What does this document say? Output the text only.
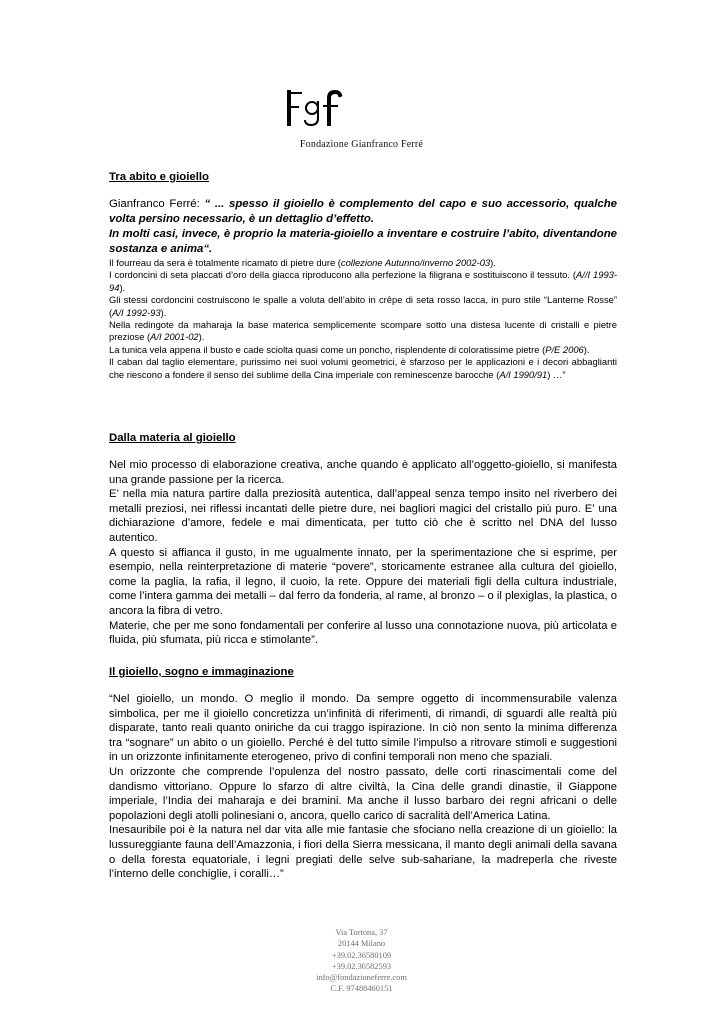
Fondazione Gianfranco Ferré

Tra abito e gioiello

Gianfranco Ferré: “ ... spesso il gioiello è complemento del capo e suo accessorio, qualche volta persino necessario, è un dettaglio d’effetto.
In molti casi, invece, è proprio la materia-gioiello a inventare e costruire l’abito, diventandone sostanza e anima“.

Il fourreau da sera è totalmente ricamato di pietre dure (collezione Autunno/inverno 2002-03).

I cordoncini di seta placcati d’oro della giacca riproducono alla perfezione la filigrana e sostituiscono il tessuto. (A//I 1993-94).

Gli stessi cordoncini costruiscono le spalle a voluta dell’abito in crêpe di seta rosso lacca, in puro stile “Lanterne Rosse” (A/I 1992-93).

Nella redingote da maharaja la base materica semplicemente scompare sotto una distesa lucente di cristalli e pietre preziose (A/I 2001-02).

La tunica vela appena il busto e cade sciolta quasi come un poncho, risplendente di coloratissime pietre (P/E 2006).

Il caban dal taglio elementare, purissimo nei suoi volumi geometrici, è sfarzoso per le applicazioni e i decori abbaglianti che riescono a fondere il senso del sublime della Cina imperiale con reminescenze barocche (A/I 1990/91) …”

Dalla materia al gioiello

Nel mio processo di elaborazione creativa, anche quando è applicato all’oggetto-gioiello, si manifesta una grande passione per la ricerca.

E’ nella mia natura partire dalla preziosità autentica, dall’appeal senza tempo insito nel riverbero dei metalli preziosi, nei riflessi incantati delle pietre dure, nei bagliori magici del cristallo più puro. E’ una dichiarazione d’amore, fedele e mai dimenticata, per tutto ciò che è scritto nel DNA del lusso autentico.

A questo si affianca il gusto, in me ugualmente innato, per la sperimentazione che si esprime, per esempio, nella reinterpretazione di materie “povere”, storicamente estranee alla cultura del gioiello, come la paglia, la rafia, il legno, il cuoio, la rete. Oppure dei materiali figli della cultura industriale, come l’intera gamma dei metalli – dal ferro da fonderia, al rame, al bronzo – o il plexiglas, la plastica, o ancora la fibra di vetro.

Materie, che per me sono fondamentali per conferire al lusso una connotazione nuova, più articolata e fluida, più sfumata, più ricca e stimolante”.

Il gioiello, sogno e immaginazione

“Nel gioiello, un mondo. O meglio il mondo. Da sempre oggetto di incommensurabile valenza simbolica, per me il gioiello concretizza un’infinità di riferimenti, di rimandi, di sguardi alle realtà più disparate, tanto reali quanto oniriche da cui traggo ispirazione. In ciò non sento la minima differenza tra “sognare” un abito o un gioiello. Perché è del tutto simile l’impulso a ritrovare stimoli e suggestioni in un orizzonte infinitamente eterogeneo, privo di confini temporali non meno che spaziali.

Un orizzonte che comprende l’opulenza del nostro passato, delle corti rinascimentali come del dandismo vittoriano. Oppure lo sfarzo di altre civiltà, la Cina delle grandi dinastie, il Giappone imperiale, l’India dei maharaja e dei bramini. Ma anche il lusso barbaro dei regni africani o delle popolazioni degli atolli polinesiani o, ancora, quello carico di sacralità dell’America Latina.

Inesauribile poi è la natura nel dar vita alle mie fantasie che sfociano nella creazione di un gioiello: la lussureggiante fauna dell’Amazzonia, i fiori della Sierra messicana, il manto degli animali della savana o della foresta equatoriale, i legni pregiati delle selve sub-sahariane, la madreperla che riveste l’interno delle conchiglie, i coralli…”

Via Tortona, 37
20144 Milano
+39.02.36580109
+39.02.36582593
info@fondazioneferre.com
C.F. 97488460151
